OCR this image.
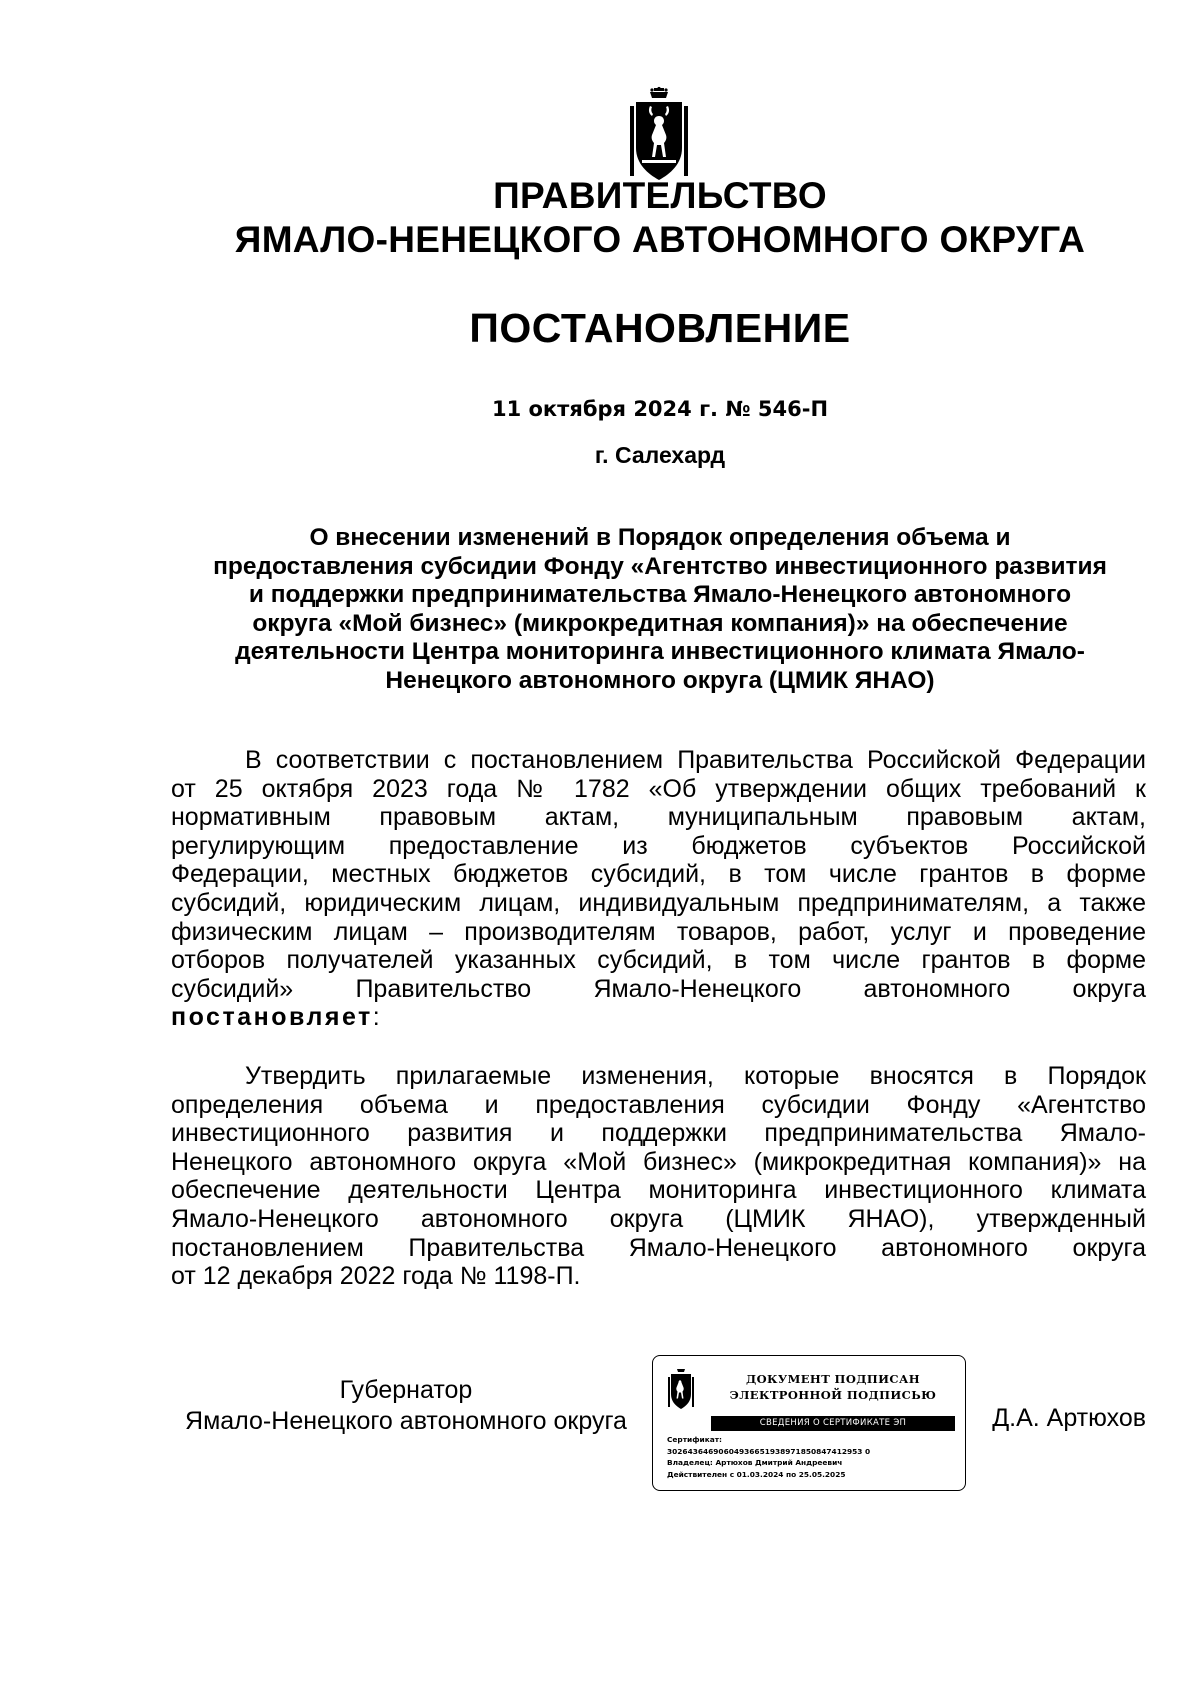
ПРАВИТЕЛЬСТВО
ЯМАЛО-НЕНЕЦКОГО АВТОНОМНОГО ОКРУГА
ПОСТАНОВЛЕНИЕ
11 октября 2024 г. № 546-П
г. Салехард
О внесении изменений в Порядок определения объема и
предоставления субсидии Фонду «Агентство инвестиционного развития
и поддержки предпринимательства Ямало-Ненецкого автономного
округа «Мой бизнес» (микрокредитная компания)» на обеспечение
деятельности Центра мониторинга инвестиционного климата Ямало-
Ненецкого автономного округа (ЦМИК ЯНАО)
В соответствии с постановлением Правительства Российской Федерации
от 25 октября 2023 года № 1782 «Об утверждении общих требований к
нормативным правовым актам, муниципальным правовым актам,
регулирующим предоставление из бюджетов субъектов Российской
Федерации, местных бюджетов субсидий, в том числе грантов в форме
субсидий, юридическим лицам, индивидуальным предпринимателям, а также
физическим лицам – производителям товаров, работ, услуг и проведение
отборов получателей указанных субсидий, в том числе грантов в форме
субсидий» Правительство Ямало-Ненецкого автономного округа
постановляет:
Утвердить прилагаемые изменения, которые вносятся в Порядок
определения объема и предоставления субсидии Фонду «Агентство
инвестиционного развития и поддержки предпринимательства Ямало-
Ненецкого автономного округа «Мой бизнес» (микрокредитная компания)» на
обеспечение деятельности Центра мониторинга инвестиционного климата
Ямало-Ненецкого автономного округа (ЦМИК ЯНАО), утвержденный
постановлением Правительства Ямало-Ненецкого автономного округа
от 12 декабря 2022 года № 1198-П.
Губернатор
Ямало-Ненецкого автономного округа
ДОКУМЕНТ ПОДПИСАН
ЭЛЕКТРОННОЙ ПОДПИСЬЮ
СВЕДЕНИЯ О СЕРТИФИКАТЕ ЭП
Сертификат:
30264364690604936651938971850847412953 0
Владелец: Артюхов Дмитрий Андреевич
Действителен с 01.03.2024 по 25.05.2025
Д.А. Артюхов
